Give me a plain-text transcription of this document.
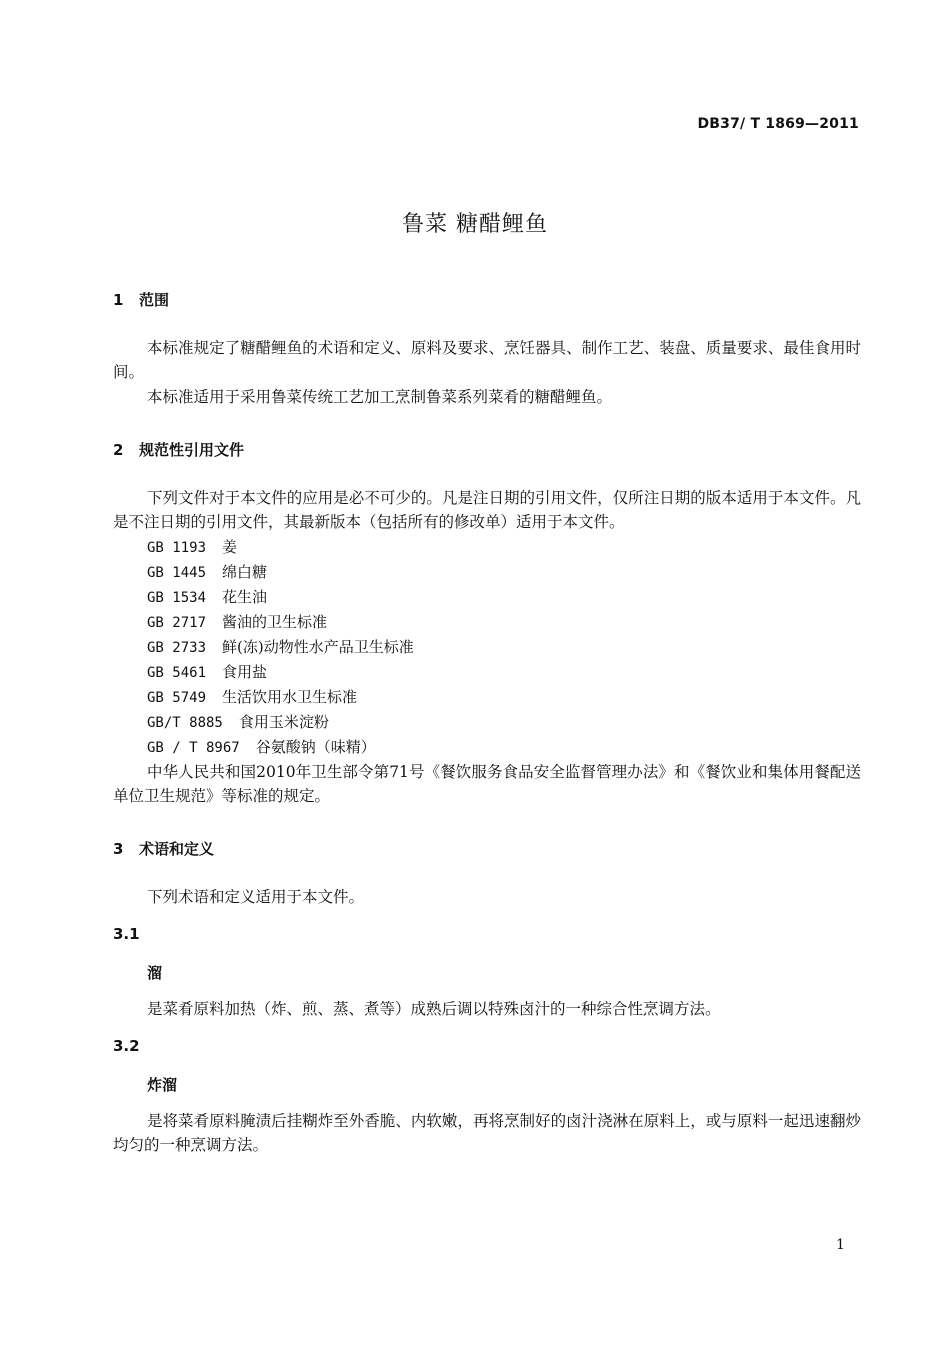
DB37/ T 1869—2011
鲁菜 糖醋鲤鱼
1 范围
本标准规定了糖醋鲤鱼的术语和定义、原料及要求、烹饪器具、制作工艺、装盘、质量要求、最佳食用时间。
本标准适用于采用鲁菜传统工艺加工烹制鲁菜系列菜肴的糖醋鲤鱼。
2 规范性引用文件
下列文件对于本文件的应用是必不可少的。凡是注日期的引用文件，仅所注日期的版本适用于本文件。凡是不注日期的引用文件，其最新版本（包括所有的修改单）适用于本文件。
GB 1193 姜
GB 1445 绵白糖
GB 1534 花生油
GB 2717 酱油的卫生标准
GB 2733 鲜(冻)动物性水产品卫生标准
GB 5461 食用盐
GB 5749 生活饮用水卫生标准
GB/T 8885 食用玉米淀粉
GB / T 8967 谷氨酸钠（味精）
中华人民共和国2010年卫生部令第71号《餐饮服务食品安全监督管理办法》和《餐饮业和集体用餐配送单位卫生规范》等标准的规定。
3 术语和定义
下列术语和定义适用于本文件。
3.1
溜
是菜肴原料加热（炸、煎、蒸、煮等）成熟后调以特殊卤汁的一种综合性烹调方法。
3.2
炸溜
是将菜肴原料腌渍后挂糊炸至外香脆、内软嫩，再将烹制好的卤汁浇淋在原料上，或与原料一起迅速翻炒均匀的一种烹调方法。
1
